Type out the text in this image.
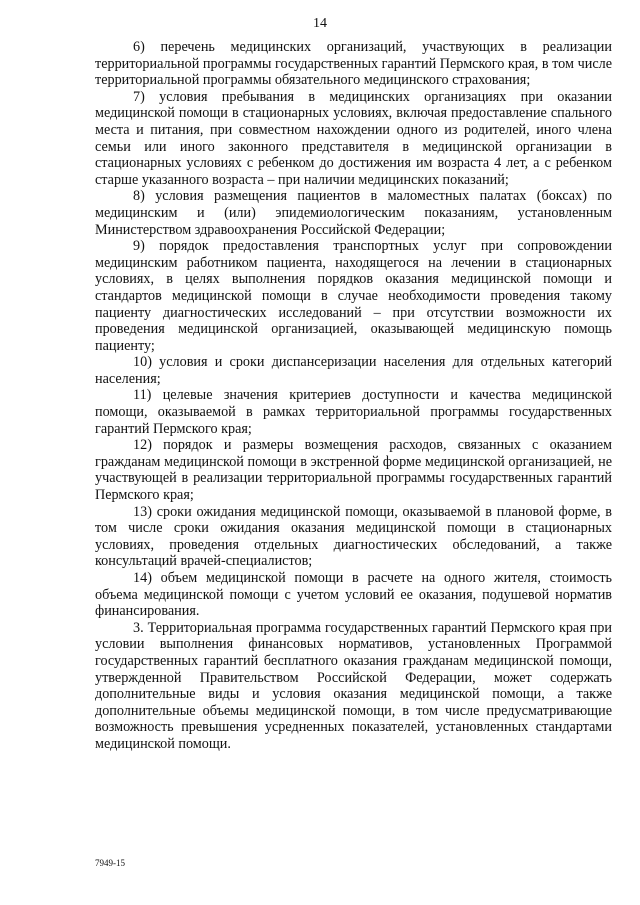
14

6) перечень медицинских организаций, участвующих в реализации территориальной программы государственных гарантий Пермского края, в том числе территориальной программы обязательного медицинского страхования;

7) условия пребывания в медицинских организациях при оказании медицинской помощи в стационарных условиях, включая предоставление спального места и питания, при совместном нахождении одного из родителей, иного члена семьи или иного законного представителя в медицинской организации в стационарных условиях с ребенком до достижения им возраста 4 лет, а с ребенком старше указанного возраста – при наличии медицинских показаний;

8) условия размещения пациентов в маломестных палатах (боксах) по медицинским и (или) эпидемиологическим показаниям, установленным Министерством здравоохранения Российской Федерации;

9) порядок предоставления транспортных услуг при сопровождении медицинским работником пациента, находящегося на лечении в стационарных условиях, в целях выполнения порядков оказания медицинской помощи и стандартов медицинской помощи в случае необходимости проведения такому пациенту диагностических исследований – при отсутствии возможности их проведения медицинской организацией, оказывающей медицинскую помощь пациенту;

10) условия и сроки диспансеризации населения для отдельных категорий населения;

11) целевые значения критериев доступности и качества медицинской помощи, оказываемой в рамках территориальной программы государственных гарантий Пермского края;

12) порядок и размеры возмещения расходов, связанных с оказанием гражданам медицинской помощи в экстренной форме медицинской организацией, не участвующей в реализации территориальной программы государственных гарантий Пермского края;

13) сроки ожидания медицинской помощи, оказываемой в плановой форме, в том числе сроки ожидания оказания медицинской помощи в стационарных условиях, проведения отдельных диагностических обследований, а также консультаций врачей-специалистов;

14) объем медицинской помощи в расчете на одного жителя, стоимость объема медицинской помощи с учетом условий ее оказания, подушевой норматив финансирования.

3. Территориальная программа государственных гарантий Пермского края при условии выполнения финансовых нормативов, установленных Программой государственных гарантий бесплатного оказания гражданам медицинской помощи, утвержденной Правительством Российской Федерации, может содержать дополнительные виды и условия оказания медицинской помощи, а также дополнительные объемы медицинской помощи, в том числе предусматривающие возможность превышения усредненных показателей, установленных стандартами медицинской помощи.

7949-15
